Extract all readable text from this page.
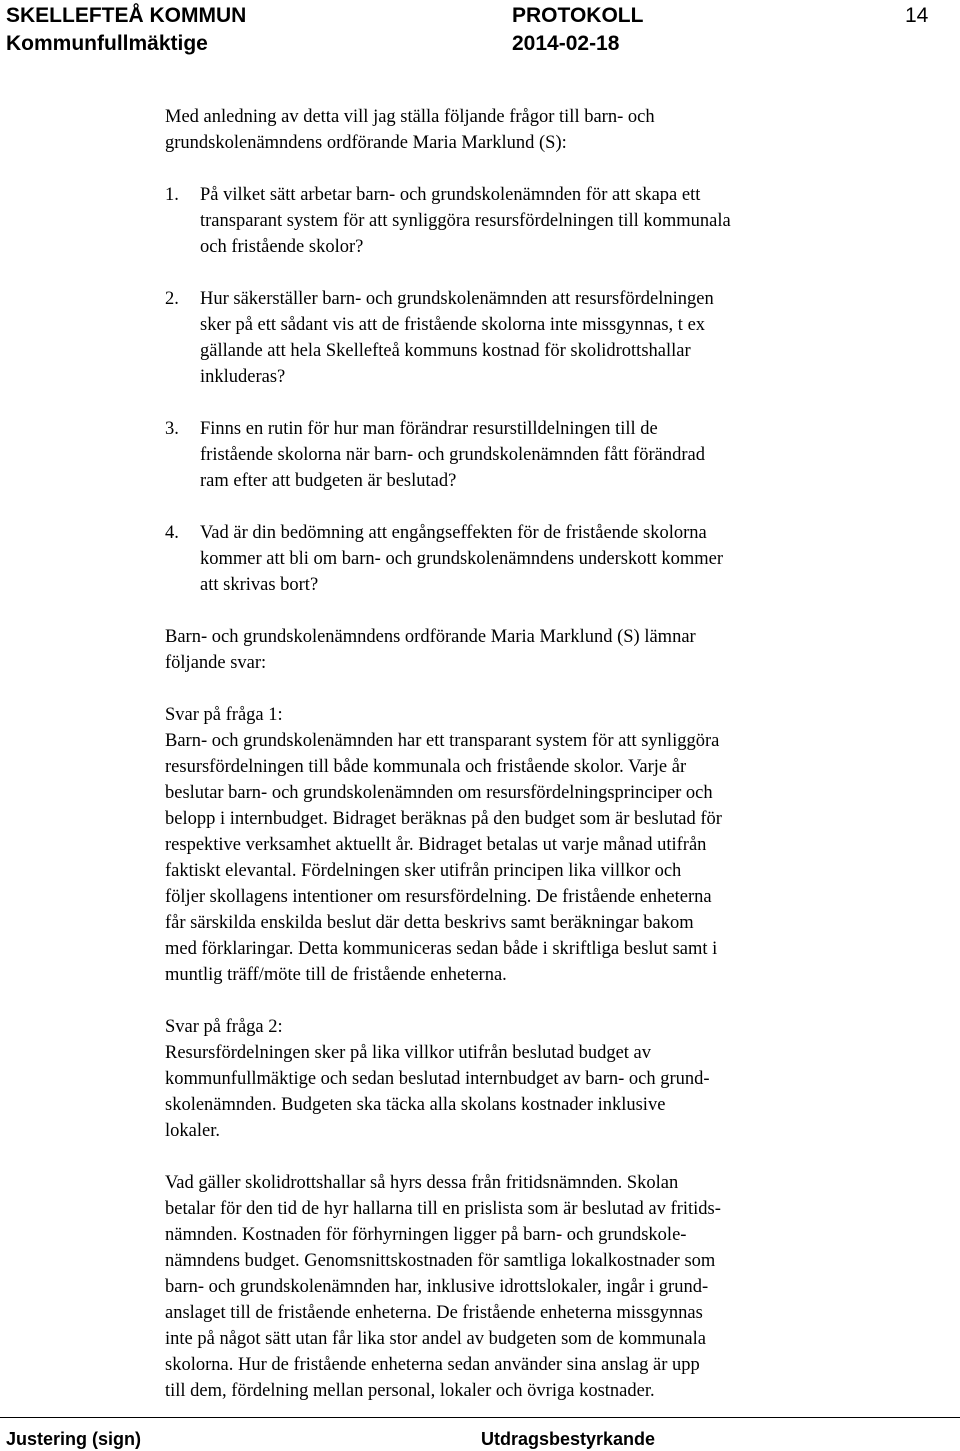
SKELLEFTEÅ KOMMUN
Kommunfullmäktige
PROTOKOLL
2014-02-18
14

Med anledning av detta vill jag ställa följande frågor till barn- och
grundskolenämndens ordförande Maria Marklund (S):

1. På vilket sätt arbetar barn- och grundskolenämnden för att skapa ett
transparant system för att synliggöra resursfördelningen till kommunala
och fristående skolor?
2. Hur säkerställer barn- och grundskolenämnden att resursfördelningen
sker på ett sådant vis att de fristående skolorna inte missgynnas, t ex
gällande att hela Skellefteå kommuns kostnad för skolidrottshallar
inkluderas?
3. Finns en rutin för hur man förändrar resurstilldelningen till de
fristående skolorna när barn- och grundskolenämnden fått förändrad
ram efter att budgeten är beslutad?
4. Vad är din bedömning att engångseffekten för de fristående skolorna
kommer att bli om barn- och grundskolenämndens underskott kommer
att skrivas bort?

Barn- och grundskolenämndens ordförande Maria Marklund (S) lämnar
följande svar:

Svar på fråga 1:
Barn- och grundskolenämnden har ett transparant system för att synliggöra
resursfördelningen till både kommunala och fristående skolor. Varje år
beslutar barn- och grundskolenämnden om resursfördelningsprinciper och
belopp i internbudget. Bidraget beräknas på den budget som är beslutad för
respektive verksamhet aktuellt år. Bidraget betalas ut varje månad utifrån
faktiskt elevantal. Fördelningen sker utifrån principen lika villkor och
följer skollagens intentioner om resursfördelning. De fristående enheterna
får särskilda enskilda beslut där detta beskrivs samt beräkningar bakom
med förklaringar. Detta kommuniceras sedan både i skriftliga beslut samt i
muntlig träff/möte till de fristående enheterna.

Svar på fråga 2:
Resursfördelningen sker på lika villkor utifrån beslutad budget av
kommunfullmäktige och sedan beslutad internbudget av barn- och grund-
skolenämnden. Budgeten ska täcka alla skolans kostnader inklusive
lokaler.

Vad gäller skolidrottshallar så hyrs dessa från fritidsnämnden. Skolan
betalar för den tid de hyr hallarna till en prislista som är beslutad av fritids-
nämnden. Kostnaden för förhyrningen ligger på barn- och grundskole-
nämndens budget. Genomsnittskostnaden för samtliga lokalkostnader som
barn- och grundskolenämnden har, inklusive idrottslokaler, ingår i grund-
anslaget till de fristående enheterna. De fristående enheterna missgynnas
inte på något sätt utan får lika stor andel av budgeten som de kommunala
skolorna. Hur de fristående enheterna sedan använder sina anslag är upp
till dem, fördelning mellan personal, lokaler och övriga kostnader.

Justering (sign)	Utdragsbestyrkande
